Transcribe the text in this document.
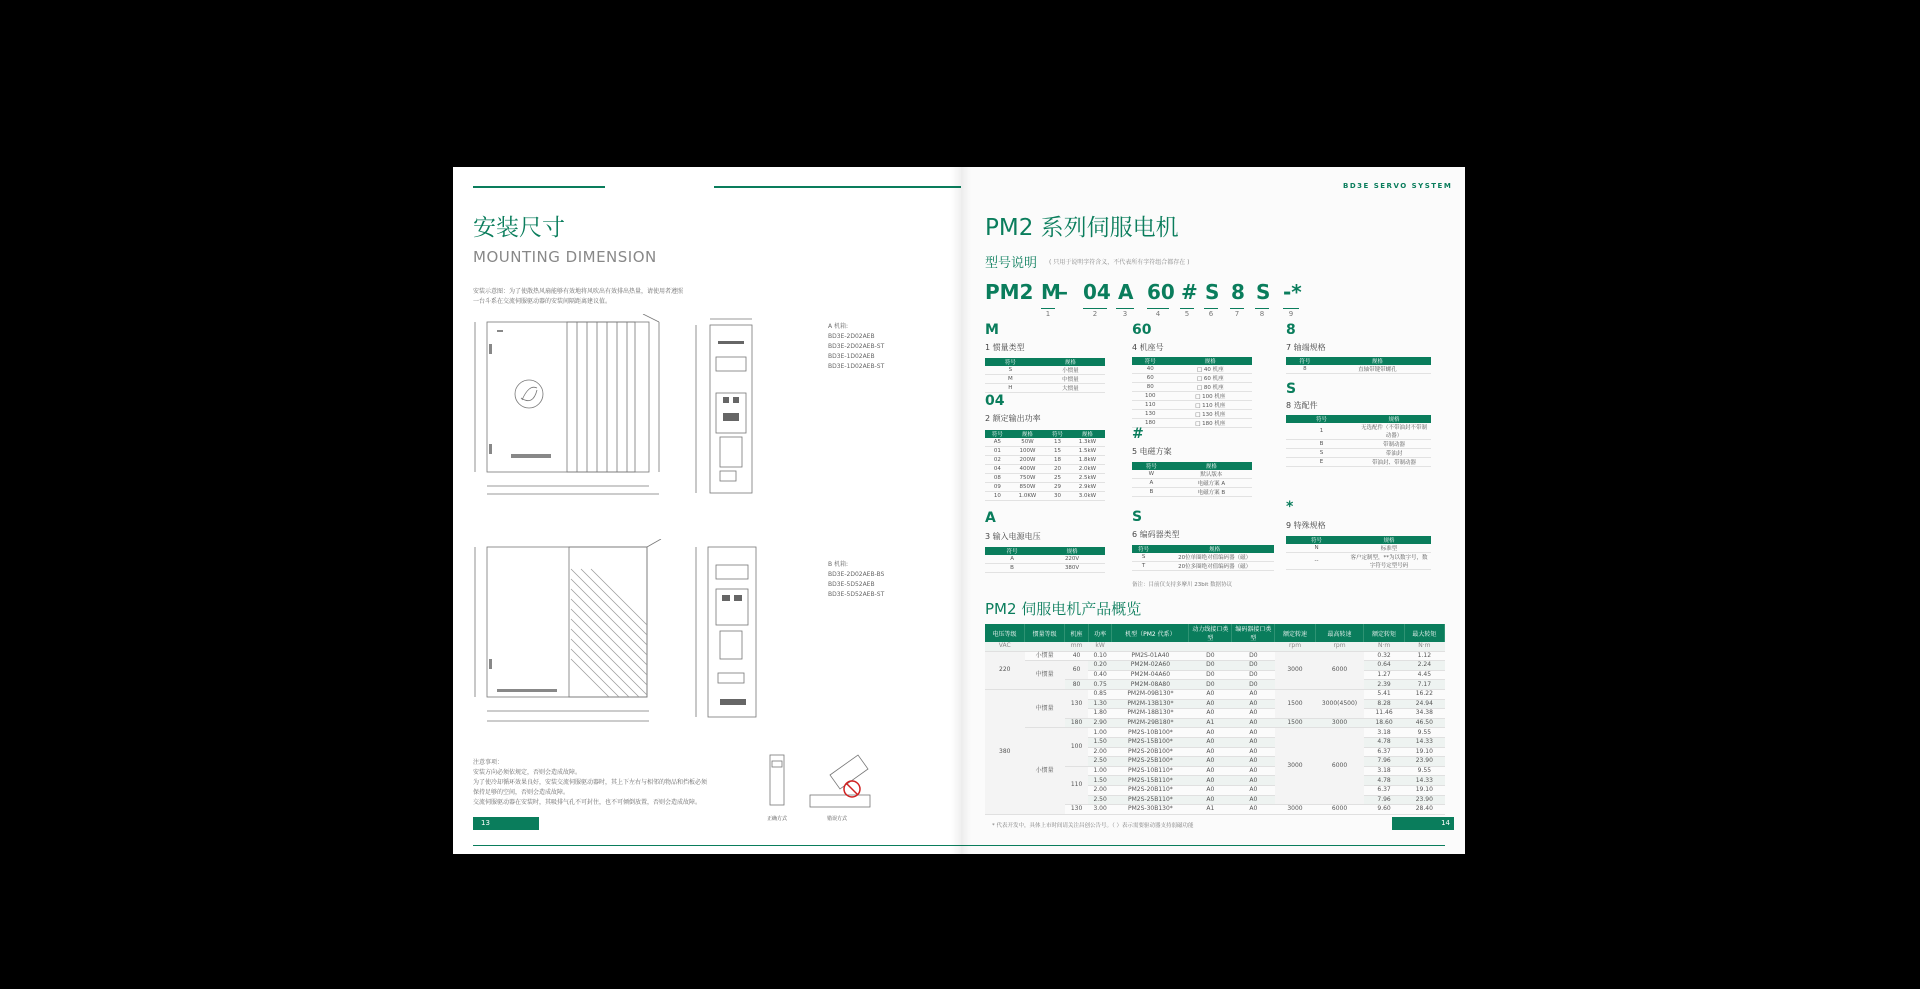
安装尺寸
MOUNTING DIMENSION
安装示意图：为了使散热风扇能够有效地将风吹出有效排出热量，请使用者遵照
一台斗系在交流伺服驱动器的安装间隔距离建议值。
A 机箱:
BD3E-2D02AEB
BD3E-2D02AEB-ST
BD3E-1D02AEB
BD3E-1D02AEB-ST
B 机箱:
BD3E-2D02AEB-BS
BD3E-5D52AEB
BD3E-5D52AEB-ST
注意事项：
安装方向必须依规定，否则会造成故障。
为了使冷却循环效果良好，安装交流伺服驱动器时，其上下左右与相邻的物品和挡板必须
保持足够的空间，否则会造成故障。
交流伺服驱动器在安装时，其吸排气孔不可封住，也不可倾倒放置，否则会造成故障。
正确方式	错误方式
13
BD3E SERVO SYSTEM
PM2 系列伺服电机
型号说明 ( 只用于说明字符含义，不代表所有字符组合都存在 )
PM2 M
– 04 A 60 # S 8 S -*
1	2	3	4	5	6	7	8	9
M
1 惯量类型
符号	规格
S	小惯量
M	中惯量
H	大惯量
04
2 额定输出功率
符号	规格	符号	规格
A5	50W	13	1.3kW
01	100W	15	1.5kW
02	200W	18	1.8kW
04	400W	20	2.0kW
08	750W	25	2.5kW
09	850W	29	2.9kW
10	1.0KW	30	3.0kW
A
3 输入电源电压
符号	规格
A	220V
B	380V
60
4 机座号
符号	规格
40	□ 40 机座
60	□ 60 机座
80	□ 80 机座
100	□ 100 机座
110	□ 110 机座
130	□ 130 机座
180	□ 180 机座
#
5 电磁方案
符号	规格
W	默认版本
A	电磁方案 A
B	电磁方案 B
S
6 编码器类型
符号	规格
S	20位单圈绝对值编码器（磁）
T	20位多圈绝对值编码器（磁）
备注：目前仅支持多摩川 23bit 数据协议
8
7 轴端规格
符号	规格
8	直轴带键带螺孔
S
8 选配件
符号	规格
1	无选配件（不带油封不带制动器）
B	带制动器
S	带油封
E	带油封、带制动器
*
9 特殊规格
符号	规格
N	标准型
--	客户定制型，**为以数字号，数字符号定型号码
PM2 伺服电机产品概览
电压等级	惯量等级	机座	功率	机型（PM2 代系）	动力线接口类型	编码器接口类型	额定转速	最高转速	额定转矩	最大转矩
VAC		mm	kW				rpm	rpm	N·m	N·m
220	小惯量	40	0.10	PM2S-01A40	D0	D0	3000	6000	0.32	1.12
	中惯量	60	0.20	PM2M-02A60	D0	D0			0.64	2.24
			0.40	PM2M-04A60	D0	D0			1.27	4.45
		80	0.75	PM2M-08A80	D0	D0			2.39	7.17
380	中惯量	130	0.85	PM2M-09B130*	A0	A0	1500	3000(4500)	5.41	16.22
			1.30	PM2M-13B130*	A0	A0			8.28	24.94
			1.80	PM2M-18B130*	A0	A0			11.46	34.38
		180	2.90	PM2M-29B180*	A1	A0	1500	3000	18.60	46.50
	小惯量	100	1.00	PM2S-10B100*	A0	A0	3000	6000	3.18	9.55
			1.50	PM2S-15B100*	A0	A0			4.78	14.33
			2.00	PM2S-20B100*	A0	A0			6.37	19.10
			2.50	PM2S-25B100*	A0	A0			7.96	23.90
		110	1.00	PM2S-10B110*	A0	A0			3.18	9.55
			1.50	PM2S-15B110*	A0	A0			4.78	14.33
			2.00	PM2S-20B110*	A0	A0			6.37	19.10
			2.50	PM2S-25B110*	A0	A0			7.96	23.90
		130	3.00	PM2S-30B130*	A1	A0	3000	6000	9.60	28.40
* 代表开发中，具体上市时间请关注昌创公告号。（ ）表示需要驱动器支持弱磁功能	14
